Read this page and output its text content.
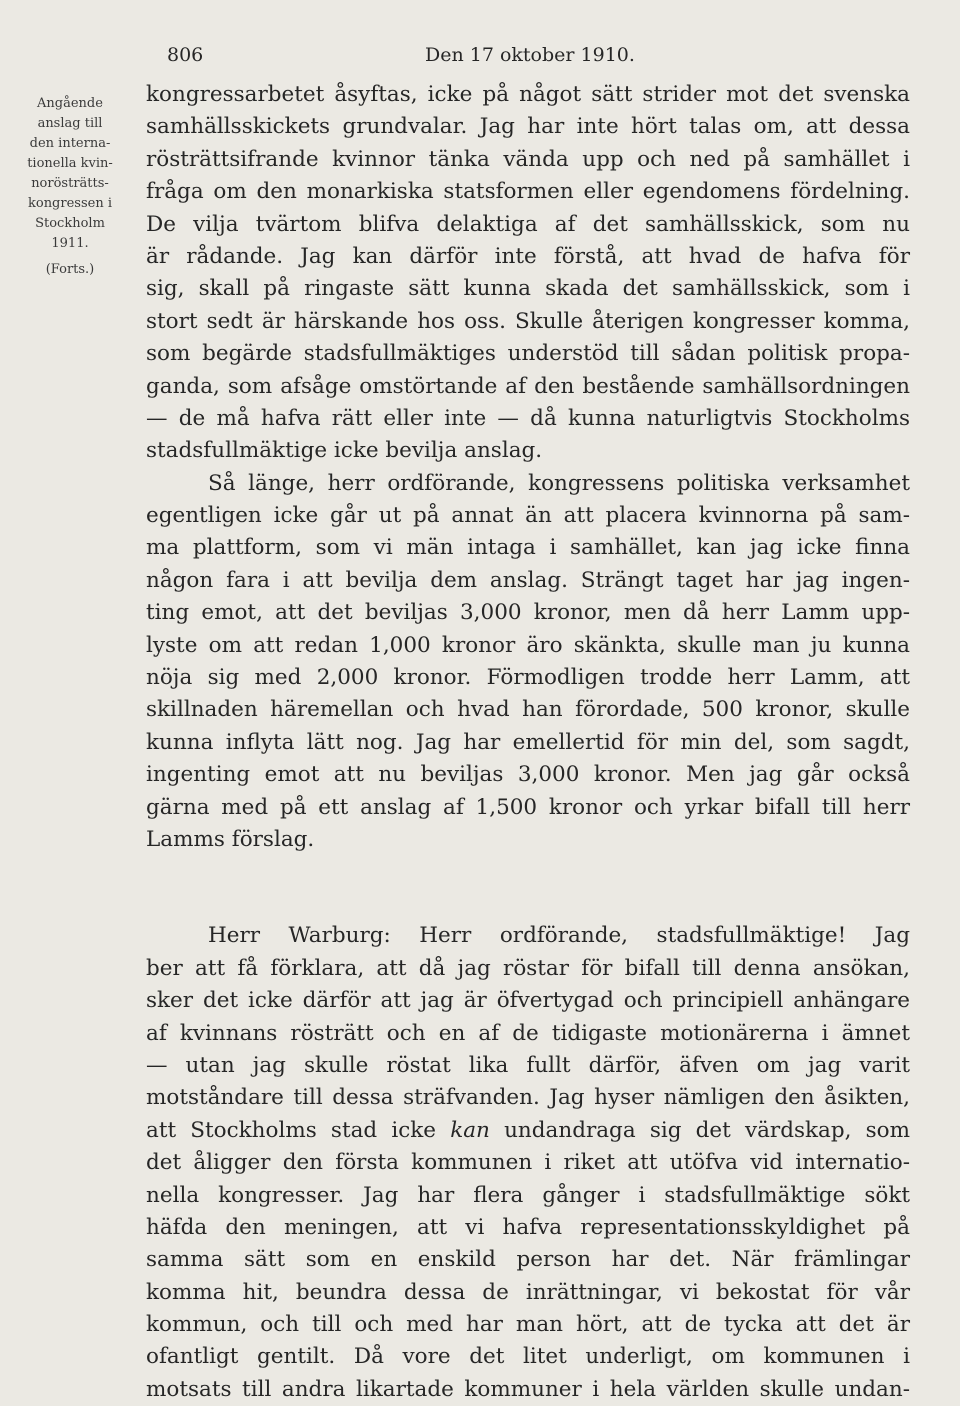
806	Den 17 oktober 1910.
Angående
anslag till
den interna-
tionella kvin-
norösträtts-
kongressen i
Stockholm
1911.
(Forts.)
kongressarbetet åsyftas, icke på något sätt strider mot det svenska
samhällsskickets grundvalar. Jag har inte hört talas om, att dessa
rösträttsifrande kvinnor tänka vända upp och ned på samhället i
fråga om den monarkiska statsformen eller egendomens fördelning.
De vilja tvärtom blifva delaktiga af det samhällsskick, som nu
är rådande. Jag kan därför inte förstå, att hvad de hafva för
sig, skall på ringaste sätt kunna skada det samhällsskick, som i
stort sedt är härskande hos oss. Skulle återigen kongresser komma,
som begärde stadsfullmäktiges understöd till sådan politisk propa-
ganda, som afsåge omstörtande af den bestående samhällsordningen
— de må hafva rätt eller inte — då kunna naturligtvis Stockholms
stadsfullmäktige icke bevilja anslag.
Så länge, herr ordförande, kongressens politiska verksamhet
egentligen icke går ut på annat än att placera kvinnorna på sam-
ma plattform, som vi män intaga i samhället, kan jag icke finna
någon fara i att bevilja dem anslag. Strängt taget har jag ingen-
ting emot, att det beviljas 3,000 kronor, men då herr Lamm upp-
lyste om att redan 1,000 kronor äro skänkta, skulle man ju kunna
nöja sig med 2,000 kronor. Förmodligen trodde herr Lamm, att
skillnaden häremellan och hvad han förordade, 500 kronor, skulle
kunna inflyta lätt nog. Jag har emellertid för min del, som sagdt,
ingenting emot att nu beviljas 3,000 kronor. Men jag går också
gärna med på ett anslag af 1,500 kronor och yrkar bifall till herr
Lamms förslag.
Herr Warburg: Herr ordförande, stadsfullmäktige! Jag
ber att få förklara, att då jag röstar för bifall till denna ansökan,
sker det icke därför att jag är öfvertygad och principiell anhängare
af kvinnans rösträtt och en af de tidigaste motionärerna i ämnet
— utan jag skulle röstat lika fullt därför, äfven om jag varit
motståndare till dessa sträfvanden. Jag hyser nämligen den åsikten,
att Stockholms stad icke kan undandraga sig det värdskap, som
det åligger den första kommunen i riket att utöfva vid internatio-
nella kongresser. Jag har flera gånger i stadsfullmäktige sökt
häfda den meningen, att vi hafva representationsskyldighet på
samma sätt som en enskild person har det. När främlingar
komma hit, beundra dessa de inrättningar, vi bekostat för vår
kommun, och till och med har man hört, att de tycka att det är
ofantligt gentilt. Då vore det litet underligt, om kommunen i
motsats till andra likartade kommuner i hela världen skulle undan-
